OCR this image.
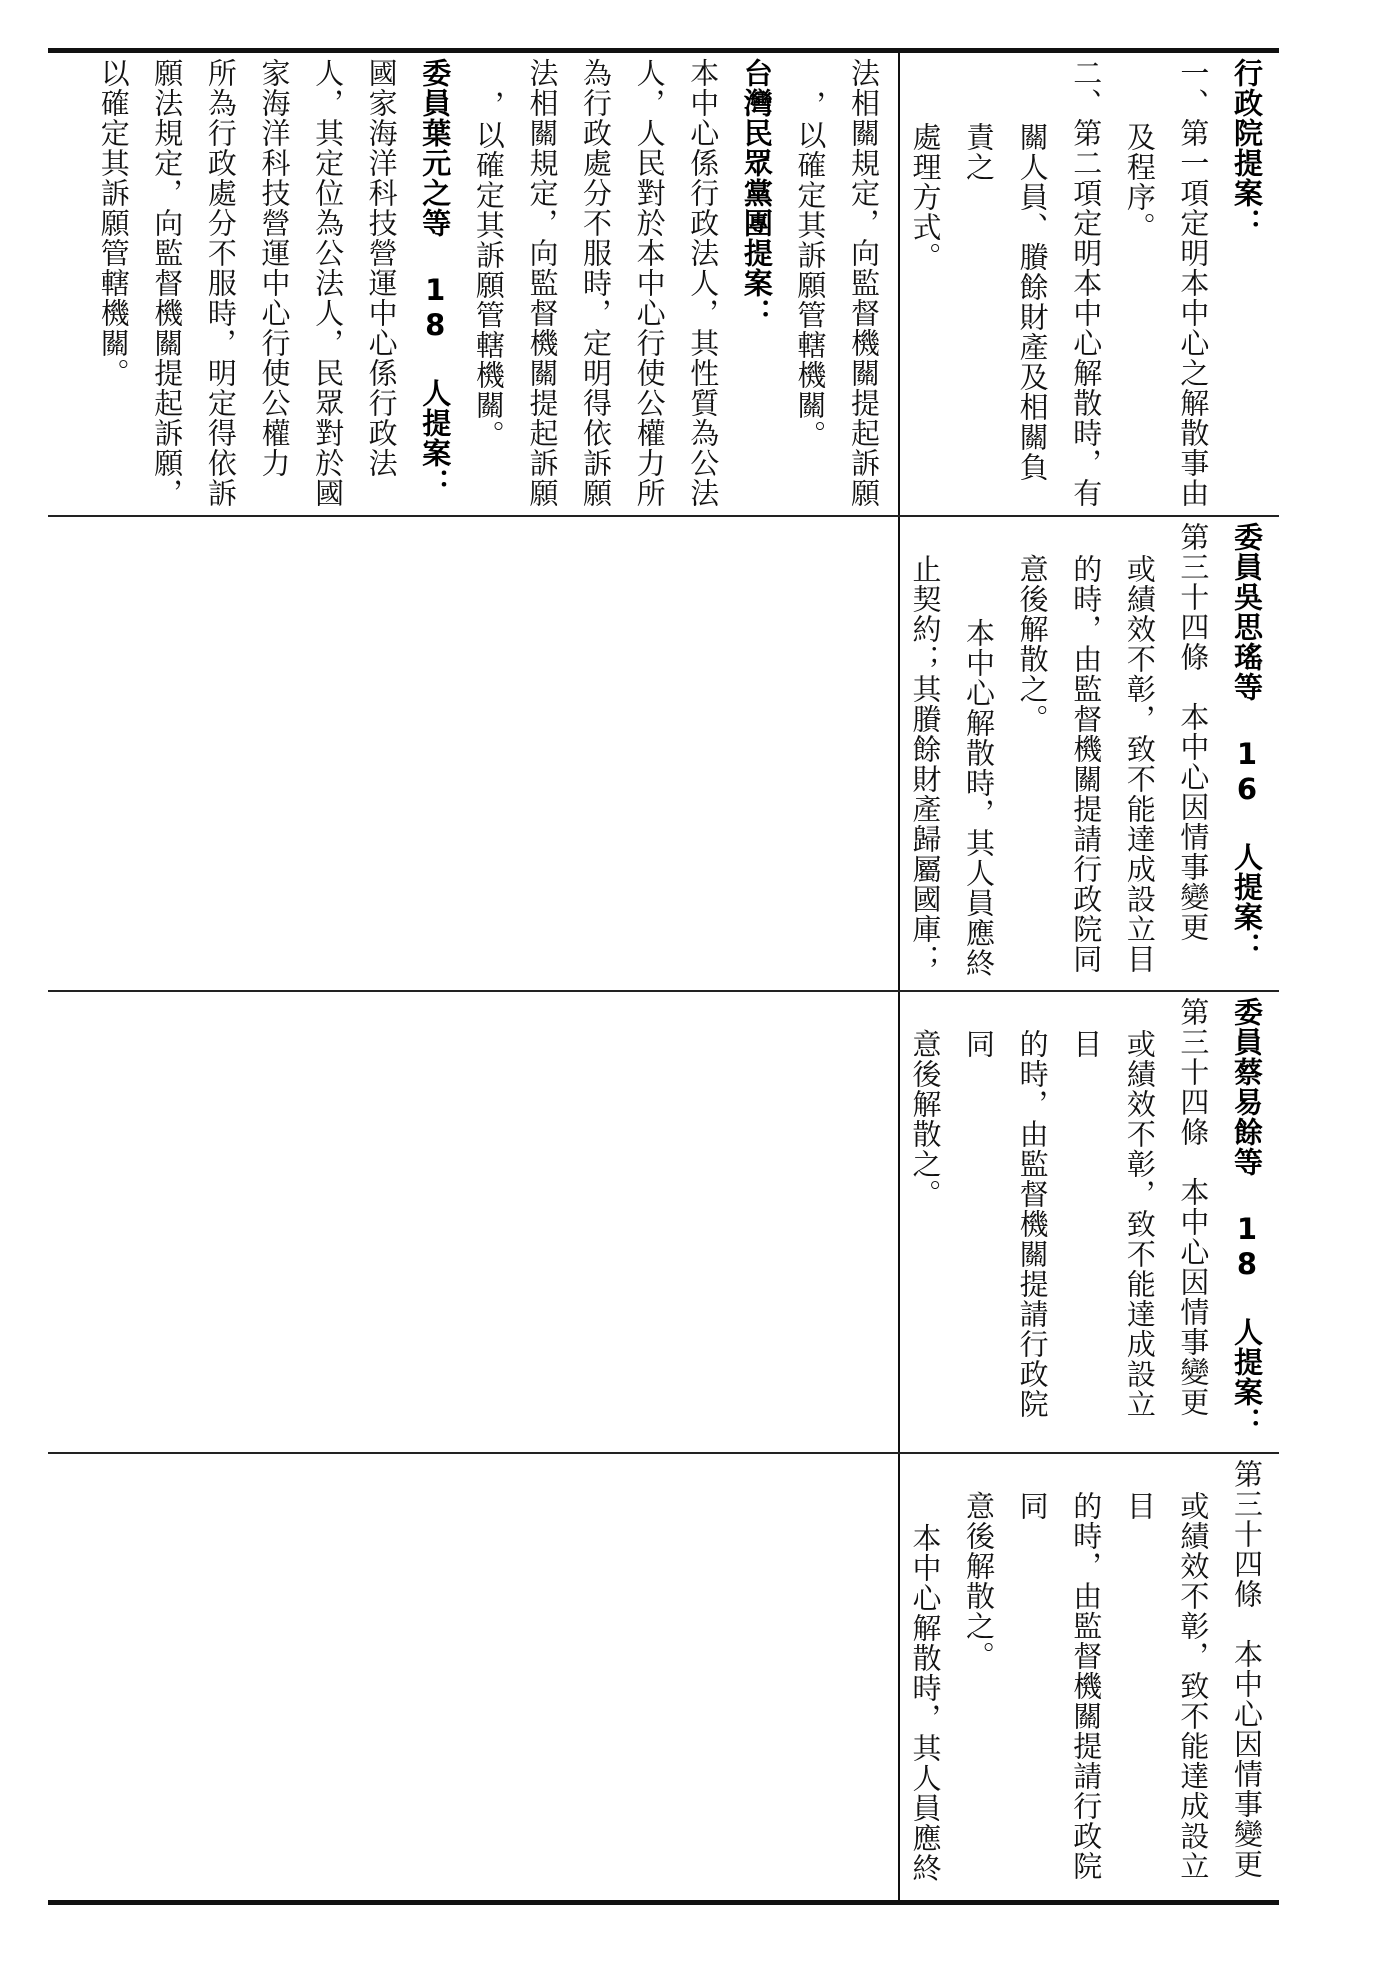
法相關規定，向監督機關提起訴願
，以確定其訴願管轄機關。
台灣民眾黨團提案：
本中心係行政法人，其性質為公法
人，人民對於本中心行使公權力所
為行政處分不服時，定明得依訴願
法相關規定，向監督機關提起訴願
，以確定其訴願管轄機關。
委員葉元之等 18 人提案：
國家海洋科技營運中心係行政法
人，其定位為公法人，民眾對於國
家海洋科技營運中心行使公權力
所為行政處分不服時，明定得依訴
願法規定，向監督機關提起訴願，
以確定其訴願管轄機關。	行政院提案：
一、第一項定明本中心之解散事由
及程序。
二、第二項定明本中心解散時，有
關人員、賸餘財產及相關負責之
處理方式。
委員吳思瑤等 16 人提案：
第三十四條　本中心因情事變更
或績效不彰，致不能達成設立目
的時，由監督機關提請行政院同
意後解散之。
本中心解散時，其人員應終
止契約；其賸餘財產歸屬國庫；
委員蔡易餘等 18 人提案：
第三十四條　本中心因情事變更
或績效不彰，致不能達成設立目
的時，由監督機關提請行政院同
意後解散之。
第三十四條　本中心因情事變更
或績效不彰，致不能達成設立目
的時，由監督機關提請行政院同
意後解散之。
本中心解散時，其人員應終
